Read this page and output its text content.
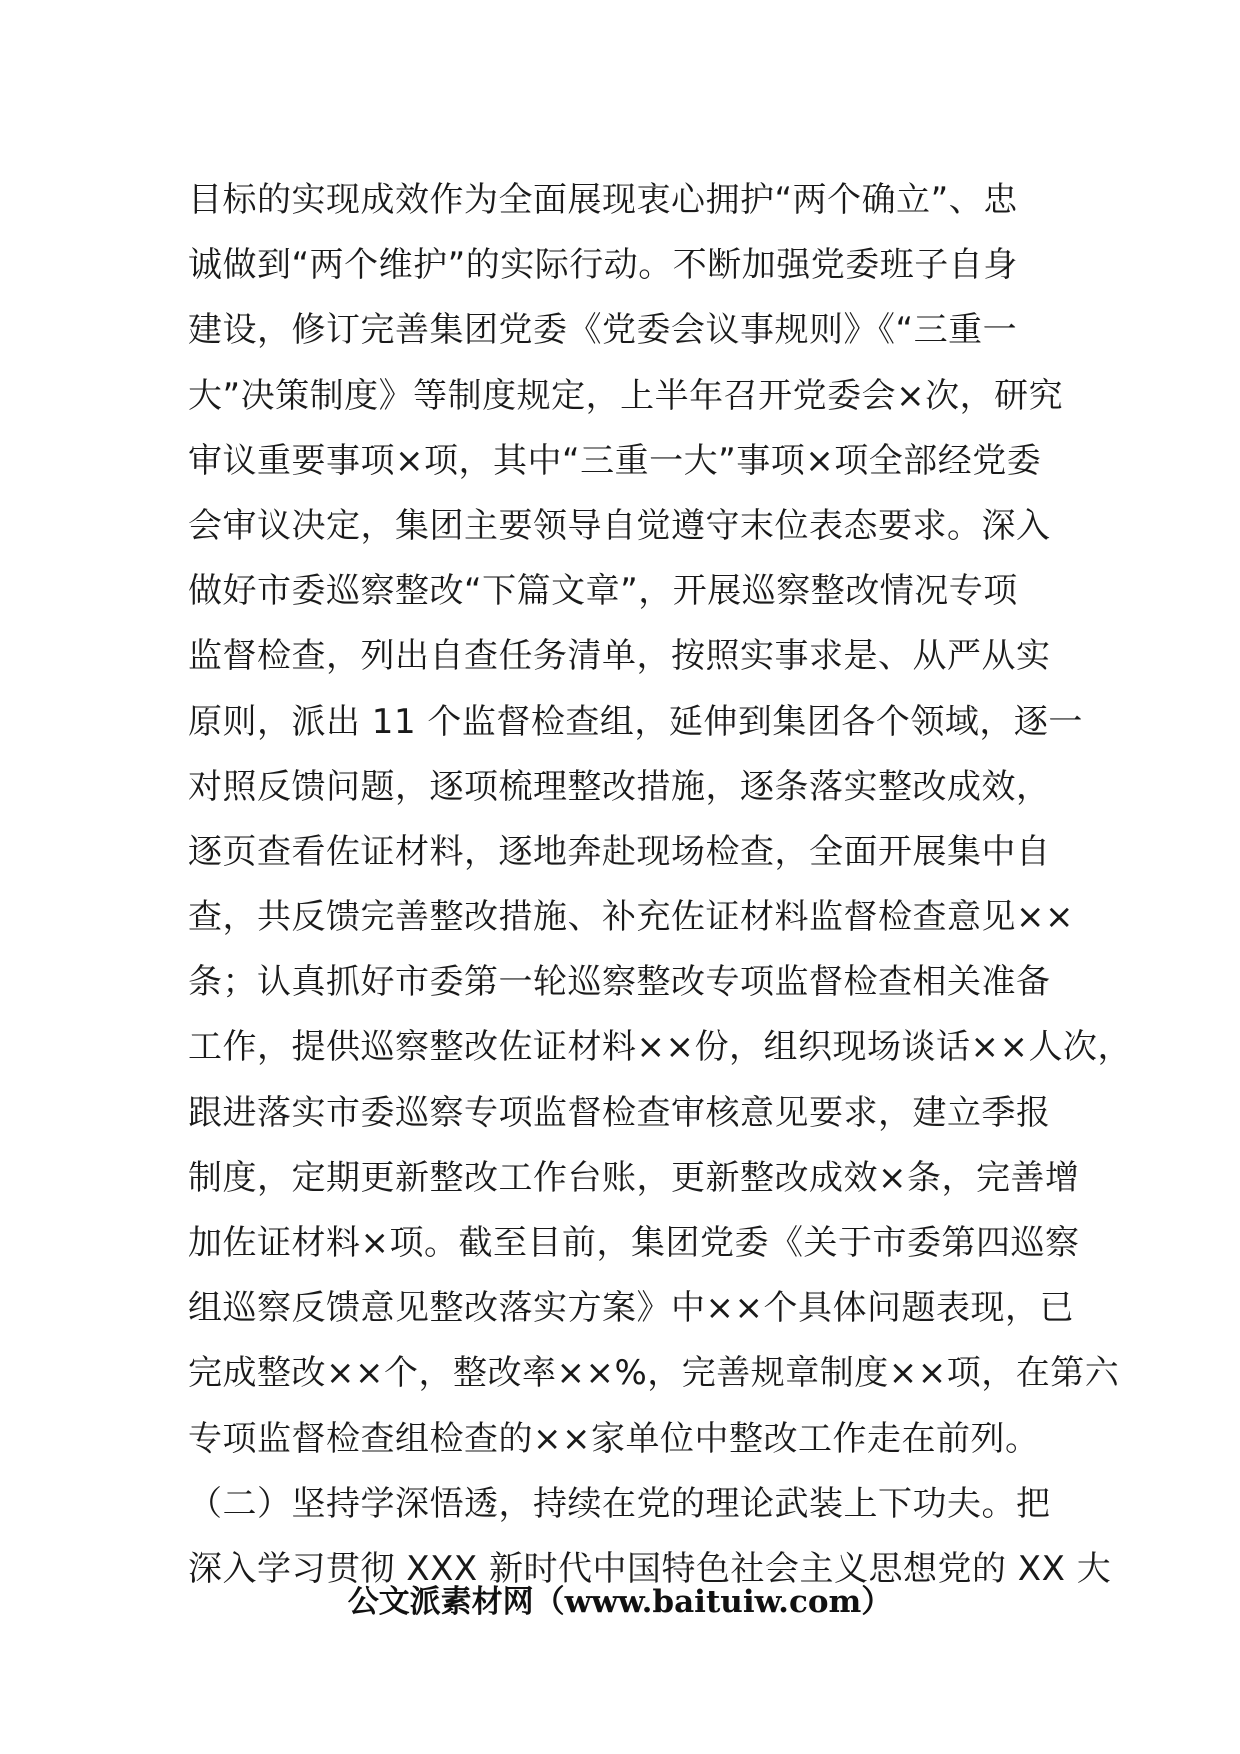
目标的实现成效作为全面展现衷心拥护“两个确立”、忠
诚做到“两个维护”的实际行动。不断加强党委班子自身
建设，修订完善集团党委《党委会议事规则》《“三重一
大”决策制度》等制度规定，上半年召开党委会×次，研究
审议重要事项×项，其中“三重一大”事项×项全部经党委
会审议决定，集团主要领导自觉遵守末位表态要求。深入
做好市委巡察整改“下篇文章”，开展巡察整改情况专项
监督检查，列出自查任务清单，按照实事求是、从严从实
原则，派出 11 个监督检查组，延伸到集团各个领域，逐一
对照反馈问题，逐项梳理整改措施，逐条落实整改成效，
逐页查看佐证材料，逐地奔赴现场检查，全面开展集中自
查，共反馈完善整改措施、补充佐证材料监督检查意见××
条；认真抓好市委第一轮巡察整改专项监督检查相关准备
工作，提供巡察整改佐证材料××份，组织现场谈话××人次，
跟进落实市委巡察专项监督检查审核意见要求，建立季报
制度，定期更新整改工作台账，更新整改成效×条，完善增
加佐证材料×项。截至目前，集团党委《关于市委第四巡察
组巡察反馈意见整改落实方案》中××个具体问题表现，已
完成整改××个，整改率××%，完善规章制度××项，在第六
专项监督检查组检查的××家单位中整改工作走在前列。
（二）坚持学深悟透，持续在党的理论武装上下功夫。把
深入学习贯彻 XXX 新时代中国特色社会主义思想党的 XX 大
公文派素材网（www.baituiw.com）
